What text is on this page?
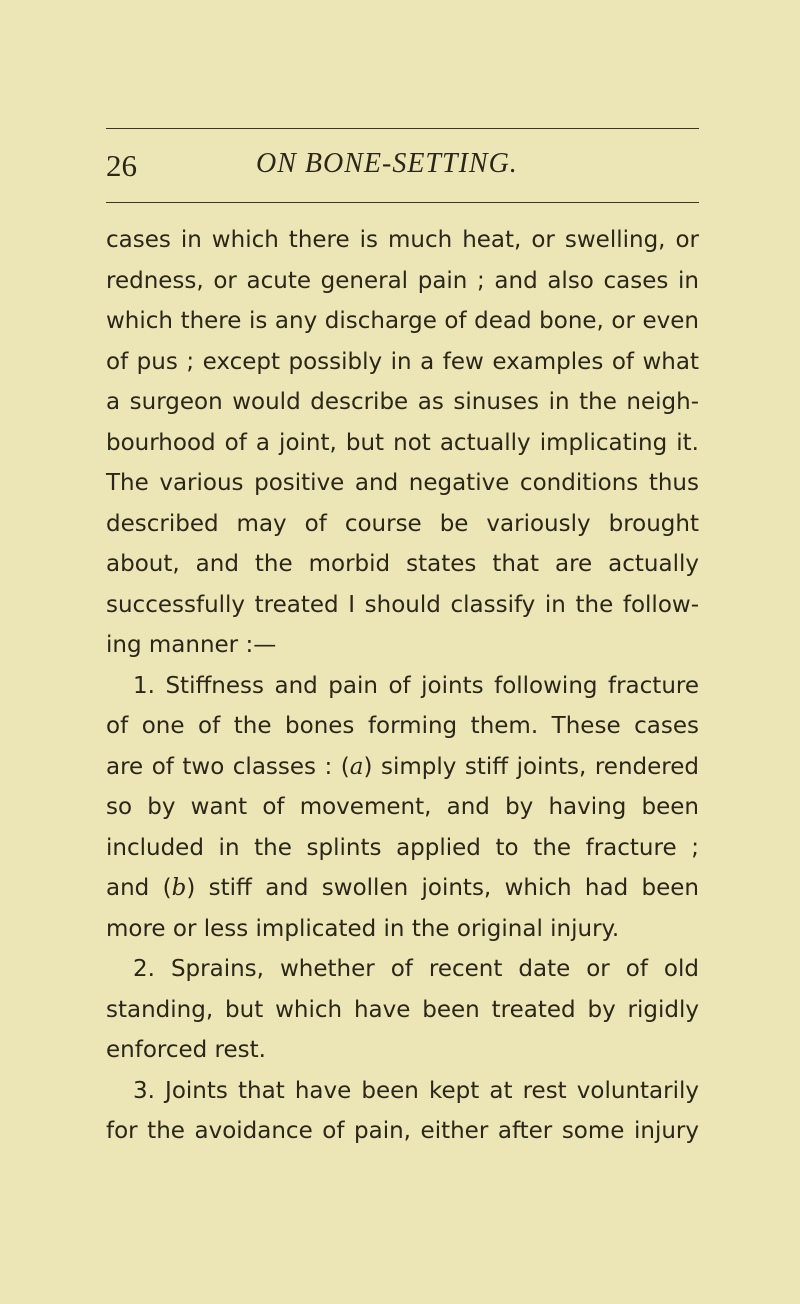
26	ON BONE-SETTING.
cases in which there is much heat, or swelling, or
redness, or acute general pain ; and also cases in
which there is any discharge of dead bone, or even
of pus ; except possibly in a few examples of what
a surgeon would describe as sinuses in the neigh-
bourhood of a joint, but not actually implicating it.
The various positive and negative conditions thus
described may of course be variously brought
about, and the morbid states that are actually
successfully treated I should classify in the follow-
ing manner :—
1. Stiffness and pain of joints following fracture
of one of the bones forming them. These cases
are of two classes : (a) simply stiff joints, rendered
so by want of movement, and by having been
included in the splints applied to the fracture ;
and (b) stiff and swollen joints, which had been
more or less implicated in the original injury.
2. Sprains, whether of recent date or of old
standing, but which have been treated by rigidly
enforced rest.
3. Joints that have been kept at rest voluntarily
for the avoidance of pain, either after some injury
